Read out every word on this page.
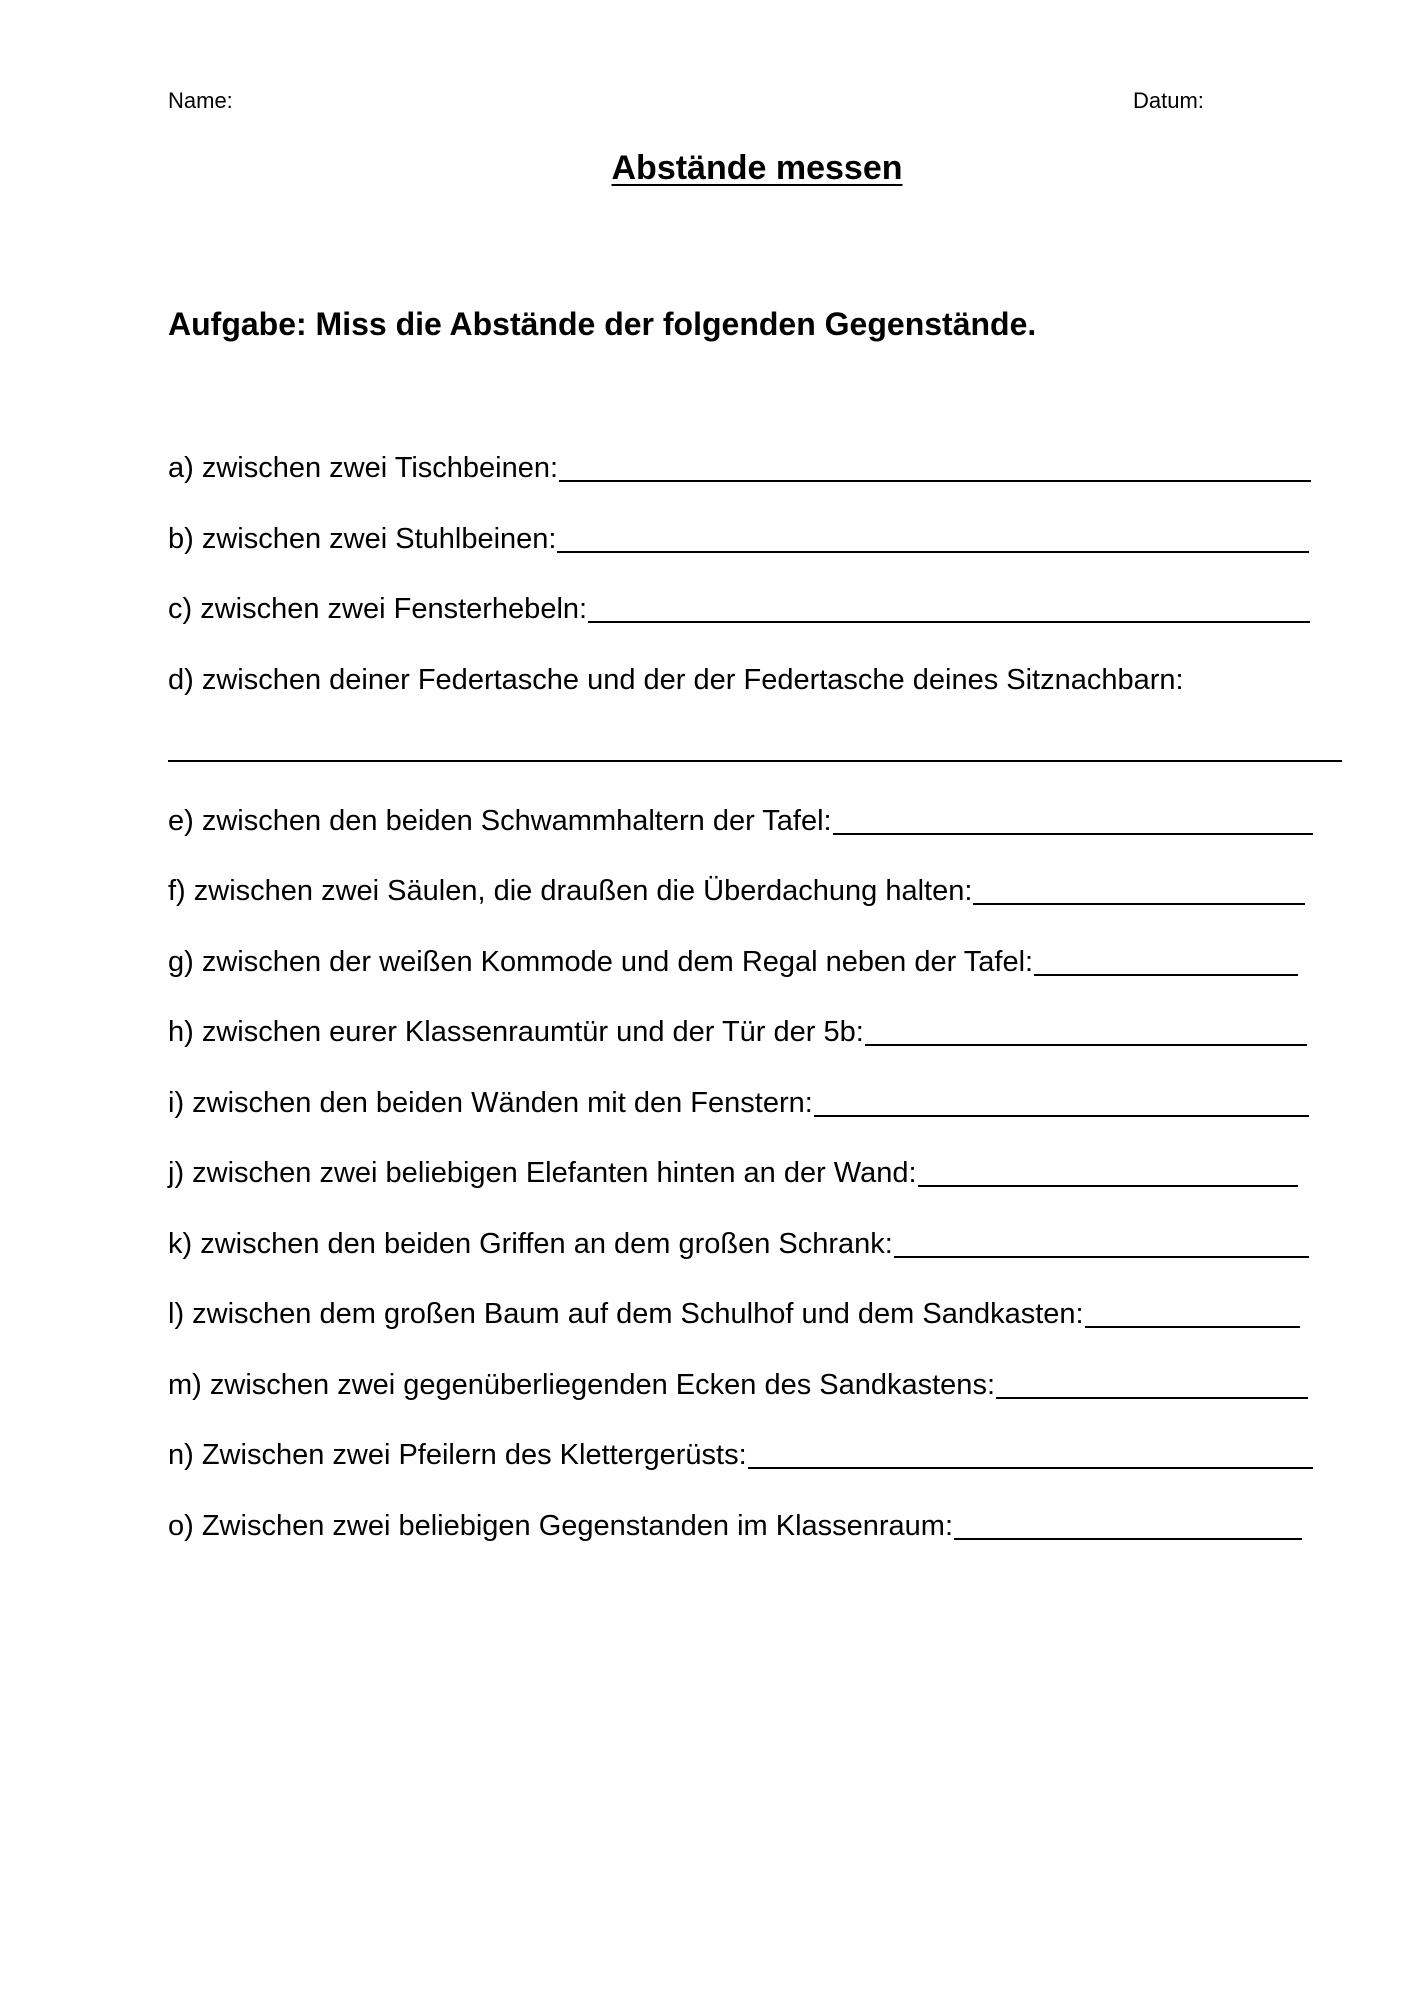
Name:	Datum:
Abstände messen
Aufgabe: Miss die Abstände der folgenden Gegenstände.
a) zwischen zwei Tischbeinen:
b) zwischen zwei Stuhlbeinen:
c) zwischen zwei Fensterhebeln:
d) zwischen deiner Federtasche und der der Federtasche deines Sitznachbarn:
e) zwischen den beiden Schwammhaltern der Tafel:
f) zwischen zwei Säulen, die draußen die Überdachung halten:
g) zwischen der weißen Kommode und dem Regal neben der Tafel:
h) zwischen eurer Klassenraumtür und der Tür der 5b:
i) zwischen den beiden Wänden mit den Fenstern:
j) zwischen zwei beliebigen Elefanten hinten an der Wand:
k) zwischen den beiden Griffen an dem großen Schrank:
l) zwischen dem großen Baum auf dem Schulhof und dem Sandkasten:
m) zwischen zwei gegenüberliegenden Ecken des Sandkastens:
n) Zwischen zwei Pfeilern des Klettergerüsts:
o) Zwischen zwei beliebigen Gegenstanden im Klassenraum:
